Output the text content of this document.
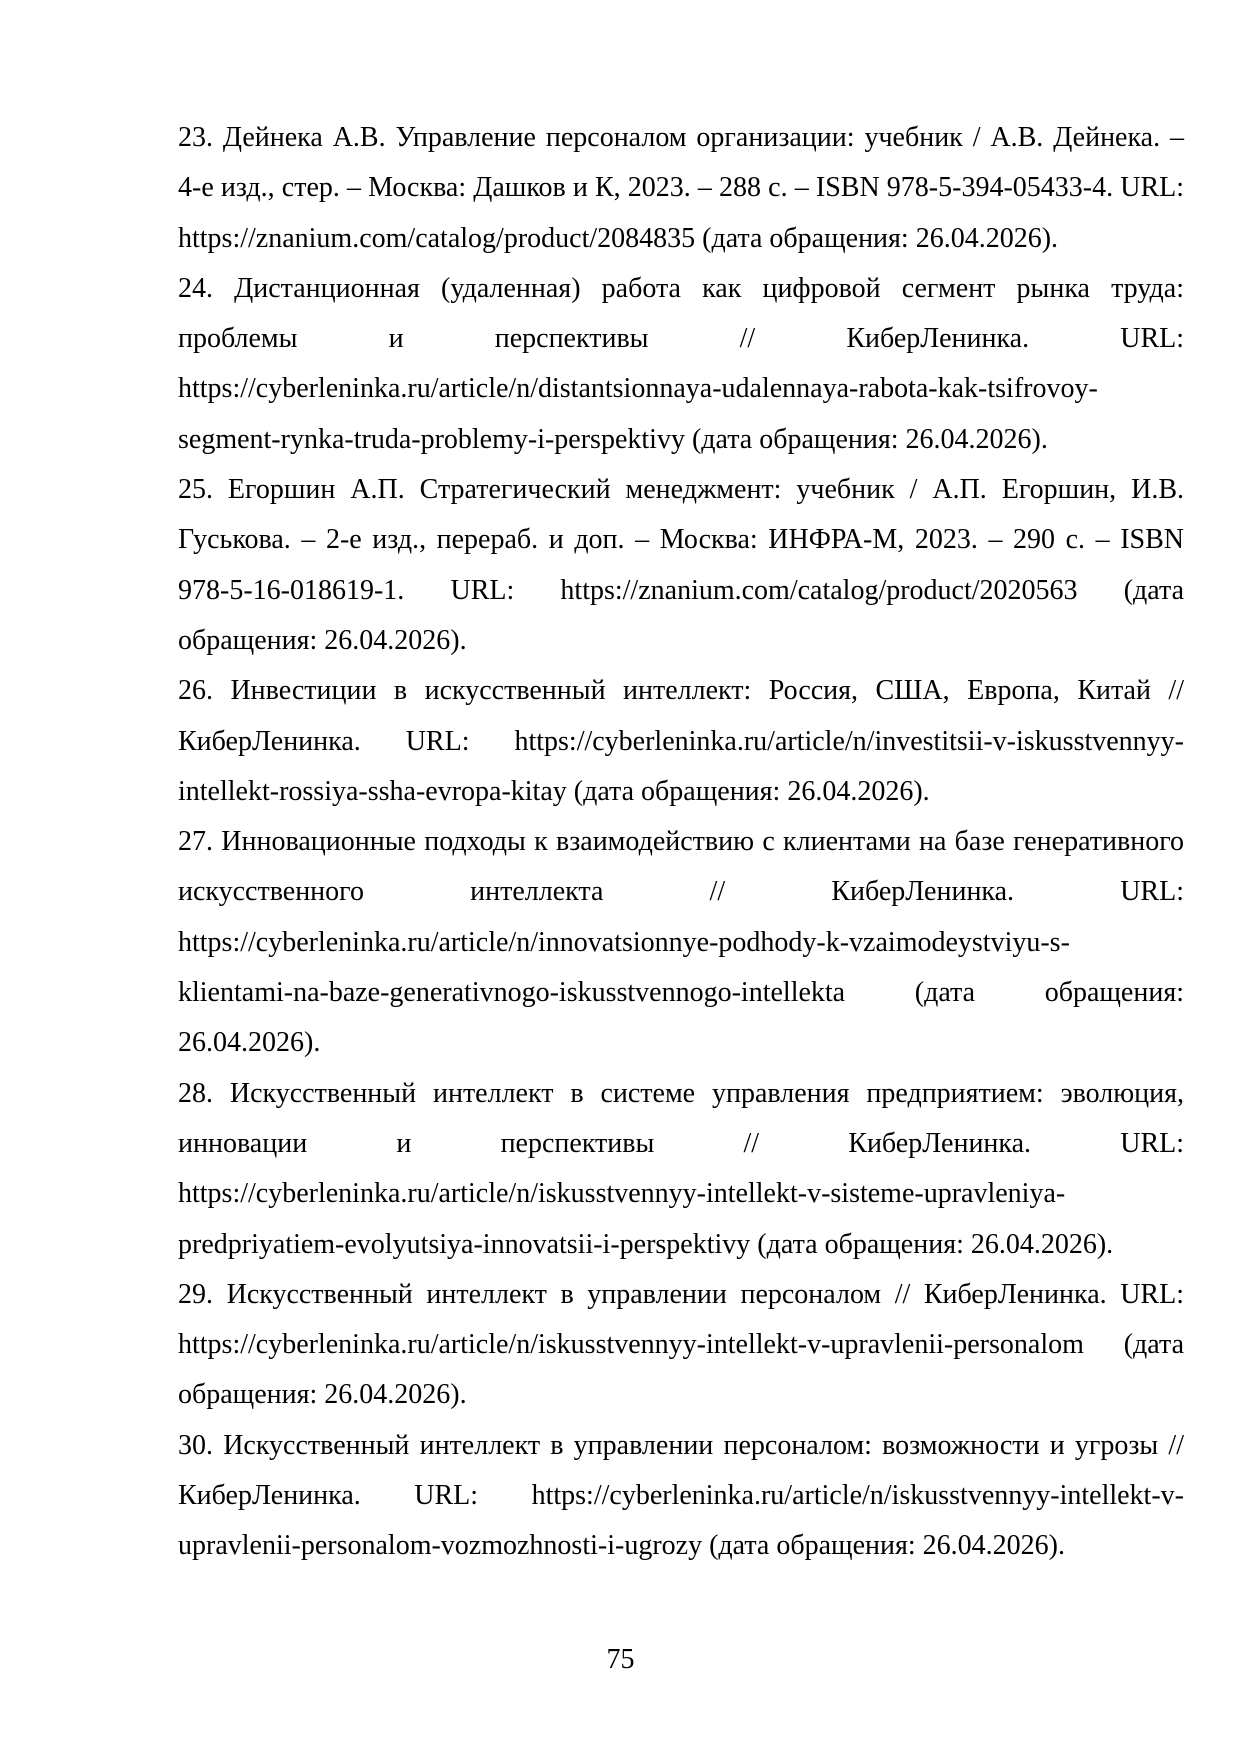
23. Дейнека А.В. Управление персоналом организации: учебник / А.В. Дейнека. – 4-е изд., стер. – Москва: Дашков и К, 2023. – 288 с. – ISBN 978-5-394-05433-4. URL: https://znanium.com/catalog/product/2084835 (дата обращения: 26.04.2026).

24. Дистанционная (удаленная) работа как цифровой сегмент рынка труда: проблемы и перспективы // КиберЛенинка. URL: https://cyberleninka.ru/article/n/distantsionnaya-udalennaya-rabota-kak-tsifrovoy-segment-rynka-truda-problemy-i-perspektivy (дата обращения: 26.04.2026).

25. Егоршин А.П. Стратегический менеджмент: учебник / А.П. Егоршин, И.В. Гуськова. – 2-е изд., перераб. и доп. – Москва: ИНФРА-М, 2023. – 290 с. – ISBN 978-5-16-018619-1. URL: https://znanium.com/catalog/product/2020563 (дата обращения: 26.04.2026).

26. Инвестиции в искусственный интеллект: Россия, США, Европа, Китай // КиберЛенинка. URL: https://cyberleninka.ru/article/n/investitsii-v-iskusstvennyy-intellekt-rossiya-ssha-evropa-kitay (дата обращения: 26.04.2026).

27. Инновационные подходы к взаимодействию с клиентами на базе генеративного искусственного интеллекта // КиберЛенинка. URL: https://cyberleninka.ru/article/n/innovatsionnye-podhody-k-vzaimodeystviyu-s-klientami-na-baze-generativnogo-iskusstvennogo-intellekta (дата обращения: 26.04.2026).

28. Искусственный интеллект в системе управления предприятием: эволюция, инновации и перспективы // КиберЛенинка. URL: https://cyberleninka.ru/article/n/iskusstvennyy-intellekt-v-sisteme-upravleniya-predpriyatiem-evolyutsiya-innovatsii-i-perspektivy (дата обращения: 26.04.2026).

29. Искусственный интеллект в управлении персоналом // КиберЛенинка. URL: https://cyberleninka.ru/article/n/iskusstvennyy-intellekt-v-upravlenii-personalom (дата обращения: 26.04.2026).

30. Искусственный интеллект в управлении персоналом: возможности и угрозы // КиберЛенинка. URL: https://cyberleninka.ru/article/n/iskusstvennyy-intellekt-v-upravlenii-personalom-vozmozhnosti-i-ugrozy (дата обращения: 26.04.2026).

75
